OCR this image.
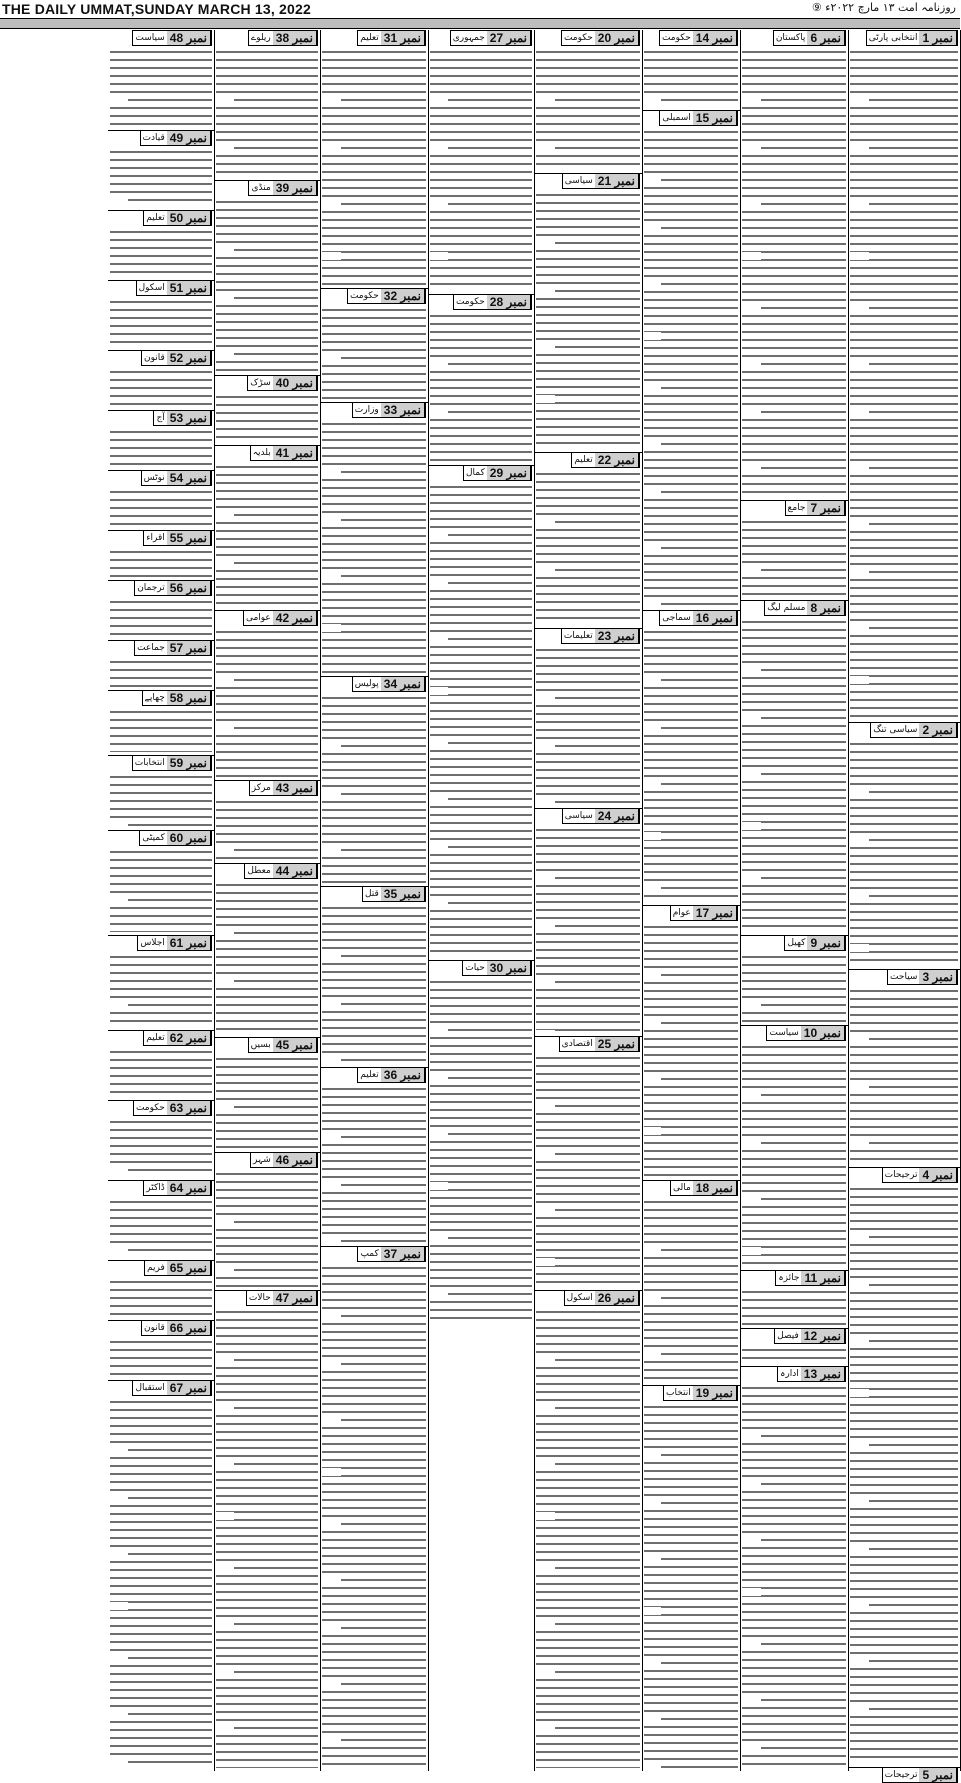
THE DAILY UMMAT,SUNDAY MARCH 13, 2022	⑨ روزنامہ امت ۱۳ مارچ ۲۰۲۲ء
نمبر 1
انتخابی پارٹی
نمبر 2
سیاسی تنگ
نمبر 3
سیاحت
نمبر 4
ترجیحات
نمبر 5
ترجیحات
نمبر 6
پاکستان
نمبر 7
جامع
نمبر 8
مسلم لیگ
نمبر 9
کھیل
نمبر 10
سیاست
نمبر 11
جائزہ
نمبر 12
فیصل
نمبر 13
ادارہ
نمبر 14
حکومت
نمبر 15
اسمبلی
نمبر 16
سماجی
نمبر 17
عوام
نمبر 18
مالی
نمبر 19
انتخاب
نمبر 20
حکومت
نمبر 21
سیاسی
نمبر 22
تعلیم
نمبر 23
تعلیمات
نمبر 24
سیاسی
نمبر 25
اقتصادی
نمبر 26
اسکول
نمبر 27
جمہوری
نمبر 28
حکومت
نمبر 29
کمال
نمبر 30
حیات
نمبر 31
تعلیم
نمبر 32
حکومت
نمبر 33
وزارت
نمبر 34
پولیس
نمبر 35
قتل
نمبر 36
تعلیم
نمبر 37
کمپ
نمبر 38
ریلوے
نمبر 39
منڈی
نمبر 40
سڑک
نمبر 41
بلدیہ
نمبر 42
عوامی
نمبر 43
مرکز
نمبر 44
معطل
نمبر 45
بسیں
نمبر 46
شہر
نمبر 47
حالات
نمبر 48
سیاست
نمبر 49
قیادت
نمبر 50
تعلیم
نمبر 51
اسکول
نمبر 52
قانون
نمبر 53
آج
نمبر 54
نوٹس
نمبر 55
اقراء
نمبر 56
ترجمان
نمبر 57
جماعت
نمبر 58
چھاپے
نمبر 59
انتخابات
نمبر 60
کمیٹی
نمبر 61
اجلاس
نمبر 62
تعلیم
نمبر 63
حکومت
نمبر 64
ڈاکٹر
نمبر 65
فریم
نمبر 66
قانون
نمبر 67
استقبال
